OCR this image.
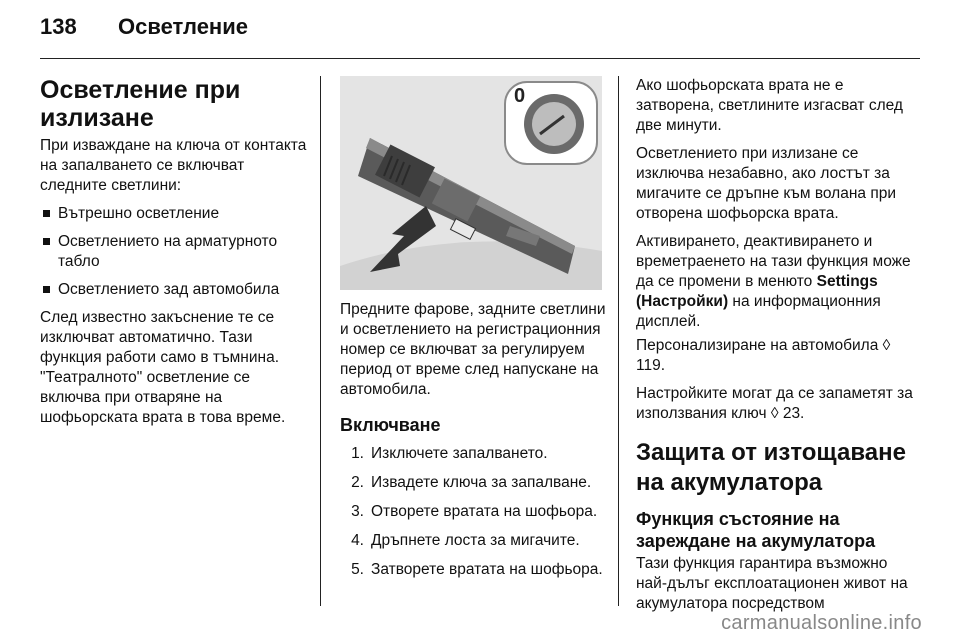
138	Осветление
Осветление при излизане

При изваждане на ключа от контакта на запалването се включват следните светлини:

Вътрешно осветление
Осветлението на арматурното табло
Осветлението зад автомобила

След известно закъснение те се изключват автоматично. Тази функция работи само в тъмнина. "Театралното" осветление се включва при отваряне на шофьорската врата в това време.

0

Предните фарове, задните светлини и осветлението на регистрационния номер се включват за регулируем период от време след напускане на автомобила.

Включване
1. Изключете запалването.
2. Извадете ключа за запалване.
3. Отворете вратата на шофьора.
4. Дръпнете лоста за мигачите.
5. Затворете вратата на шофьора.

Ако шофьорската врата не е затворена, светлините изгасват след две минути.

Осветлението при излизане се изключва незабавно, ако лостът за мигачите се дръпне към волана при отворена шофьорска врата.

Активирането, деактивирането и времетраенето на тази функция може да се промени в менюто Settings (Настройки) на информационния дисплей.

Персонализиране на автомобила ◊ 119.

Настройките могат да се запаметят за използвания ключ ◊ 23.

Защита от изтощаване на акумулатора
Функция състояние на зареждане на акумулатора

Тази функция гарантира възможно най-дълъг експлоатационен живот на акумулатора посредством

carmanualsonline.info
